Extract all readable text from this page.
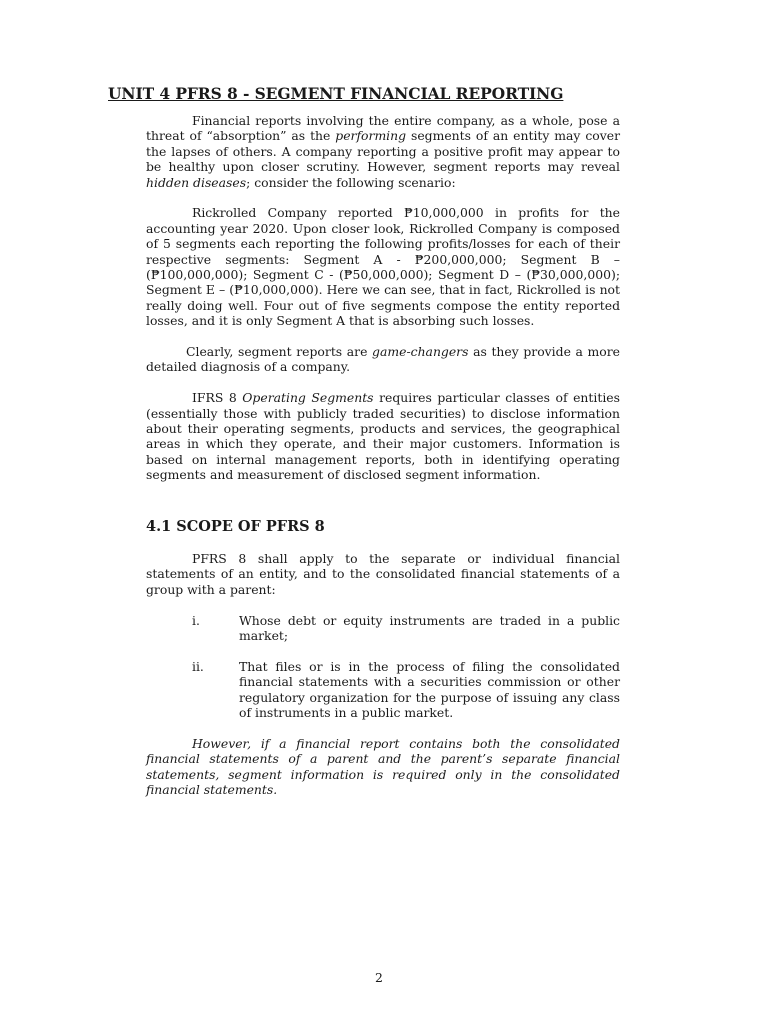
UNIT 4 PFRS 8 - SEGMENT FINANCIAL REPORTING

Financial reports involving the entire company, as a whole, pose a threat of “absorption” as the performing segments of an entity may cover the lapses of others. A company reporting a positive profit may appear to be healthy upon closer scrutiny. However, segment reports may reveal hidden diseases; consider the following scenario:

Rickrolled Company reported ₱10,000,000 in profits for the accounting year 2020. Upon closer look, Rickrolled Company is composed of 5 segments each reporting the following profits/losses for each of their respective segments: Segment A - ₱200,000,000; Segment B – (₱100,000,000); Segment C - (₱50,000,000); Segment D – (₱30,000,000); Segment E – (₱10,000,000). Here we can see, that in fact, Rickrolled is not really doing well. Four out of five segments compose the entity reported losses, and it is only Segment A that is absorbing such losses.

Clearly, segment reports are game-changers as they provide a more detailed diagnosis of a company.

IFRS 8 Operating Segments requires particular classes of entities (essentially those with publicly traded securities) to disclose information about their operating segments, products and services, the geographical areas in which they operate, and their major customers. Information is based on internal management reports, both in identifying operating segments and measurement of disclosed segment information.

4.1 SCOPE OF PFRS 8

PFRS 8 shall apply to the separate or individual financial statements of an entity, and to the consolidated financial statements of a group with a parent:

i.	Whose debt or equity instruments are traded in a public market;
ii.	That files or is in the process of filing the consolidated financial statements with a securities commission or other regulatory organization for the purpose of issuing any class of instruments in a public market.

However, if a financial report contains both the consolidated financial statements of a parent and the parent’s separate financial statements, segment information is required only in the consolidated financial statements.

2
